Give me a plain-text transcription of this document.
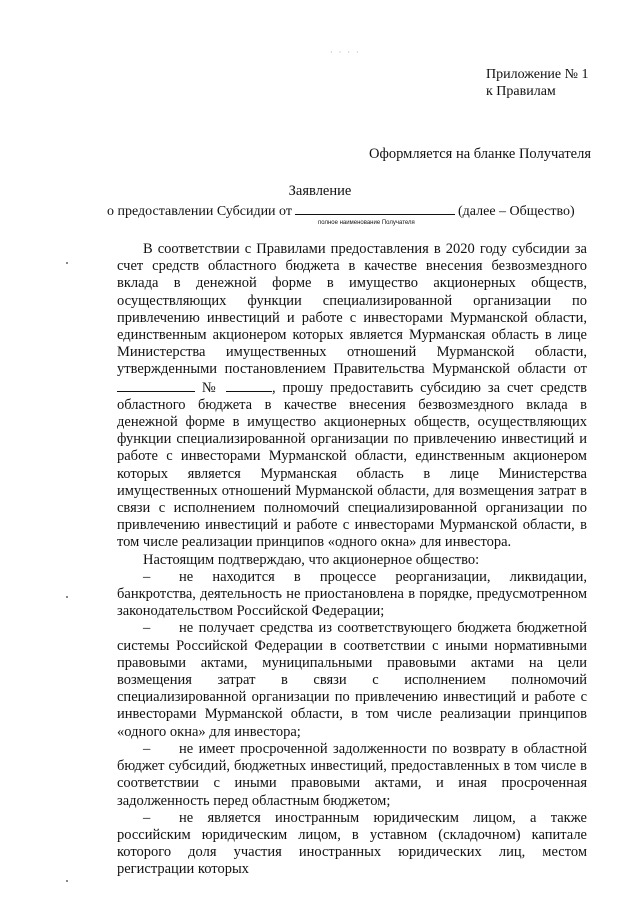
· · · ·
Приложение № 1
к Правилам
Оформляется на бланке Получателя
Заявление
о предоставлении Субсидии от	(далее – Общество)
полное наименование Получателя

В соответствии с Правилами предоставления в 2020 году субсидии за счет средств областного бюджета в качестве внесения безвозмездного вклада в денежной форме в имущество акционерных обществ, осуществляющих функции специализированной организации по привлечению инвестиций и работе с инвесторами Мурманской области, единственным акционером которых является Мурманская область в лице Министерства имущественных отношений Мурманской области, утвержденными постановлением Правительства Мурманской области от  №	, прошу предоставить субсидию за счет средств областного бюджета в качестве внесения безвозмездного вклада в денежной форме в имущество акционерных обществ, осуществляющих функции специализированной организации по привлечению инвестиций и работе с инвесторами Мурманской области, единственным акционером которых является Мурманская область в лице Министерства имущественных отношений Мурманской области, для возмещения затрат в связи с исполнением полномочий специализированной организации по привлечению инвестиций и работе с инвесторами Мурманской области, в том числе реализации принципов «одного окна» для инвестора.

Настоящим подтверждаю, что акционерное общество:

– не находится в процессе реорганизации, ликвидации, банкротства, деятельность не приостановлена в порядке, предусмотренном законодательством Российской Федерации;

– не получает средства из соответствующего бюджета бюджетной системы Российской Федерации в соответствии с иными нормативными правовыми актами, муниципальными правовыми актами на цели возмещения затрат в связи с исполнением полномочий специализированной организации по привлечению инвестиций и работе с инвесторами Мурманской области, в том числе реализации принципов «одного окна» для инвестора;

– не имеет просроченной задолженности по возврату в областной бюджет субсидий, бюджетных инвестиций, предоставленных в том числе в соответствии с иными правовыми актами, и иная просроченная задолженность перед областным бюджетом;

– не является иностранным юридическим лицом, а также российским юридическим лицом, в уставном (складочном) капитале которого доля участия иностранных юридических лиц, местом регистрации которых
